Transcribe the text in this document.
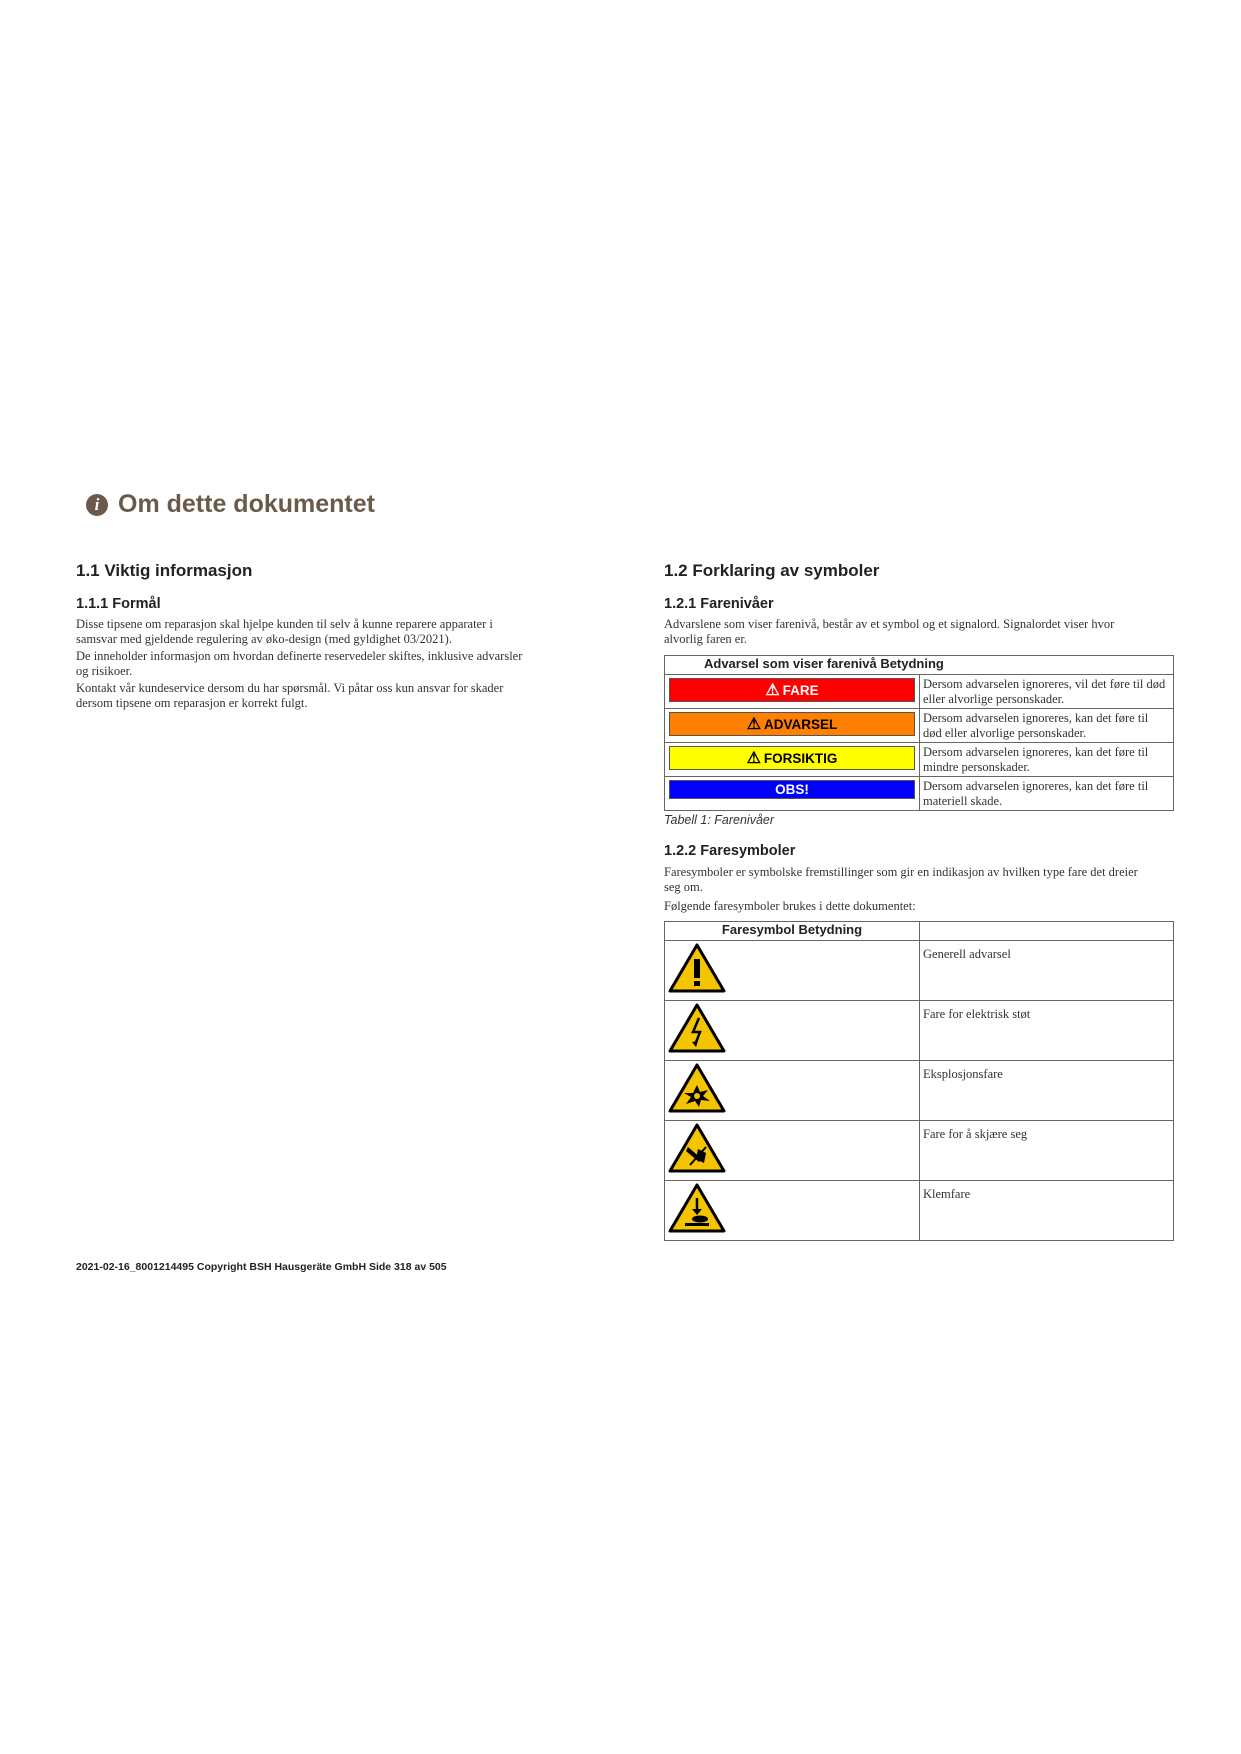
i Om dette dokumentet
1.1 Viktig informasjon
1.1.1 Formål

Disse tipsene om reparasjon skal hjelpe kunden til selv å kunne reparere apparater i samsvar med gjeldende regulering av øko-design (med gyldighet 03/2021).

De inneholder informasjon om hvordan definerte reservedeler skiftes, inklusive advarsler og risikoer.

Kontakt vår kundeservice dersom du har spørsmål. Vi påtar oss kun ansvar for skader dersom tipsene om reparasjon er korrekt fulgt.

1.2 Forklaring av symboler
1.2.1 Farenivåer

Advarslene som viser farenivå, består av et symbol og et signalord. Signalordet viser hvor alvorlig faren er.

Advarsel som viser farenivå Betydning	

⚠ FARE	Dersom advarselen ignoreres, vil det føre til død eller alvorlige personskader.

⚠ ADVARSEL	Dersom advarselen ignoreres, kan det føre til død eller alvorlige personskader.

⚠ FORSIKTIG	Dersom advarselen ignoreres, kan det føre til mindre personskader.

OBS!	Dersom advarselen ignoreres, kan det føre til materiell skade.
Tabell 1: Farenivåer
1.2.2 Faresymboler

Faresymboler er symbolske fremstillinger som gir en indikasjon av hvilken type fare det dreier seg om.

Følgende faresymboler brukes i dette dokumentet:

Faresymbol Betydning	
	Generell advarsel
	Fare for elektrisk støt
	Eksplosjonsfare
	Fare for å skjære seg
	Klemfare
2021-02-16_8001214495 Copyright BSH Hausgeräte GmbH Side 318 av 505
